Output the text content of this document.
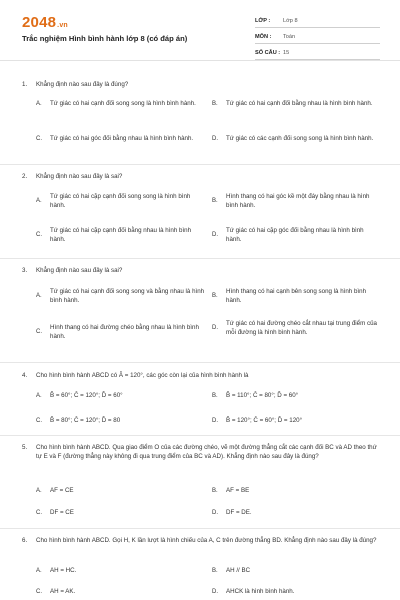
2048.vn
Trắc nghiệm Hình bình hành lớp 8 (có đáp án)
LỚP :	Lớp 8
MÔN :	Toán
SỐ CÂU : 15
1.	Khẳng định nào sau đây là đúng?
A.	Tứ giác có hai cạnh đối song song là hình bình hành.	B.	Tứ giác có hai cạnh đối bằng nhau là hình bình hành.
C.	Tứ giác có hai góc đối bằng nhau là hình bình hành.	D.	Tứ giác có các cạnh đối song song là hình bình hành.
2.	Khẳng định nào sau đây là sai?
A.
Tứ giác có hai cặp cạnh đối song song là hình bình hành.
B.
Hình thang có hai góc kề một đáy bằng nhau là hình bình hành.
C.
Tứ giác có hai cặp cạnh đối bằng nhau là hình bình hành.
D.
Tứ giác có hai cặp góc đối bằng nhau là hình bình hành.
3.	Khẳng định nào sau đây là sai?
A.
Tứ giác có hai cạnh đối song song và bằng nhau là hình bình hành.
B.
Hình thang có hai cạnh bên song song là hình bình hành.
C.
Hình thang có hai đường chéo bằng nhau là hình bình hành.
D.
Tứ giác có hai đường chéo cắt nhau tại trung điểm của mỗi đường là hình bình hành.
4.	Cho hình bình hành ABCD có Â = 120°, các góc còn lại của hình bình hành là
A.	B̂ = 60°; Ĉ = 120°; D̂ = 60°	B.	B̂ = 110°; Ĉ = 80°; D̂ = 60°
C.	B̂ = 80°; Ĉ = 120°; D̂ = 80	D.	B̂ = 120°; Ĉ = 60°; D̂ = 120°
5.	Cho hình bình hành ABCD. Qua giao điểm O của các đường chéo, vẽ một đường thẳng cắt các cạnh đối BC và AD theo thứ tự E và F (đường thẳng này không đi qua trung điểm của BC và AD). Khẳng định nào sau đây là đúng?
A.	AF = CE	B.	AF = BE
C.	DF = CE	D.	DF = DE.
6.	Cho hình bình hành ABCD. Gọi H, K lần lượt là hình chiếu của A, C trên đường thẳng BD. Khẳng định nào sau đây là đúng?
A.	AH = HC.	B.	AH // BC
C.	AH = AK.	D.	AHCK là hình bình hành.
